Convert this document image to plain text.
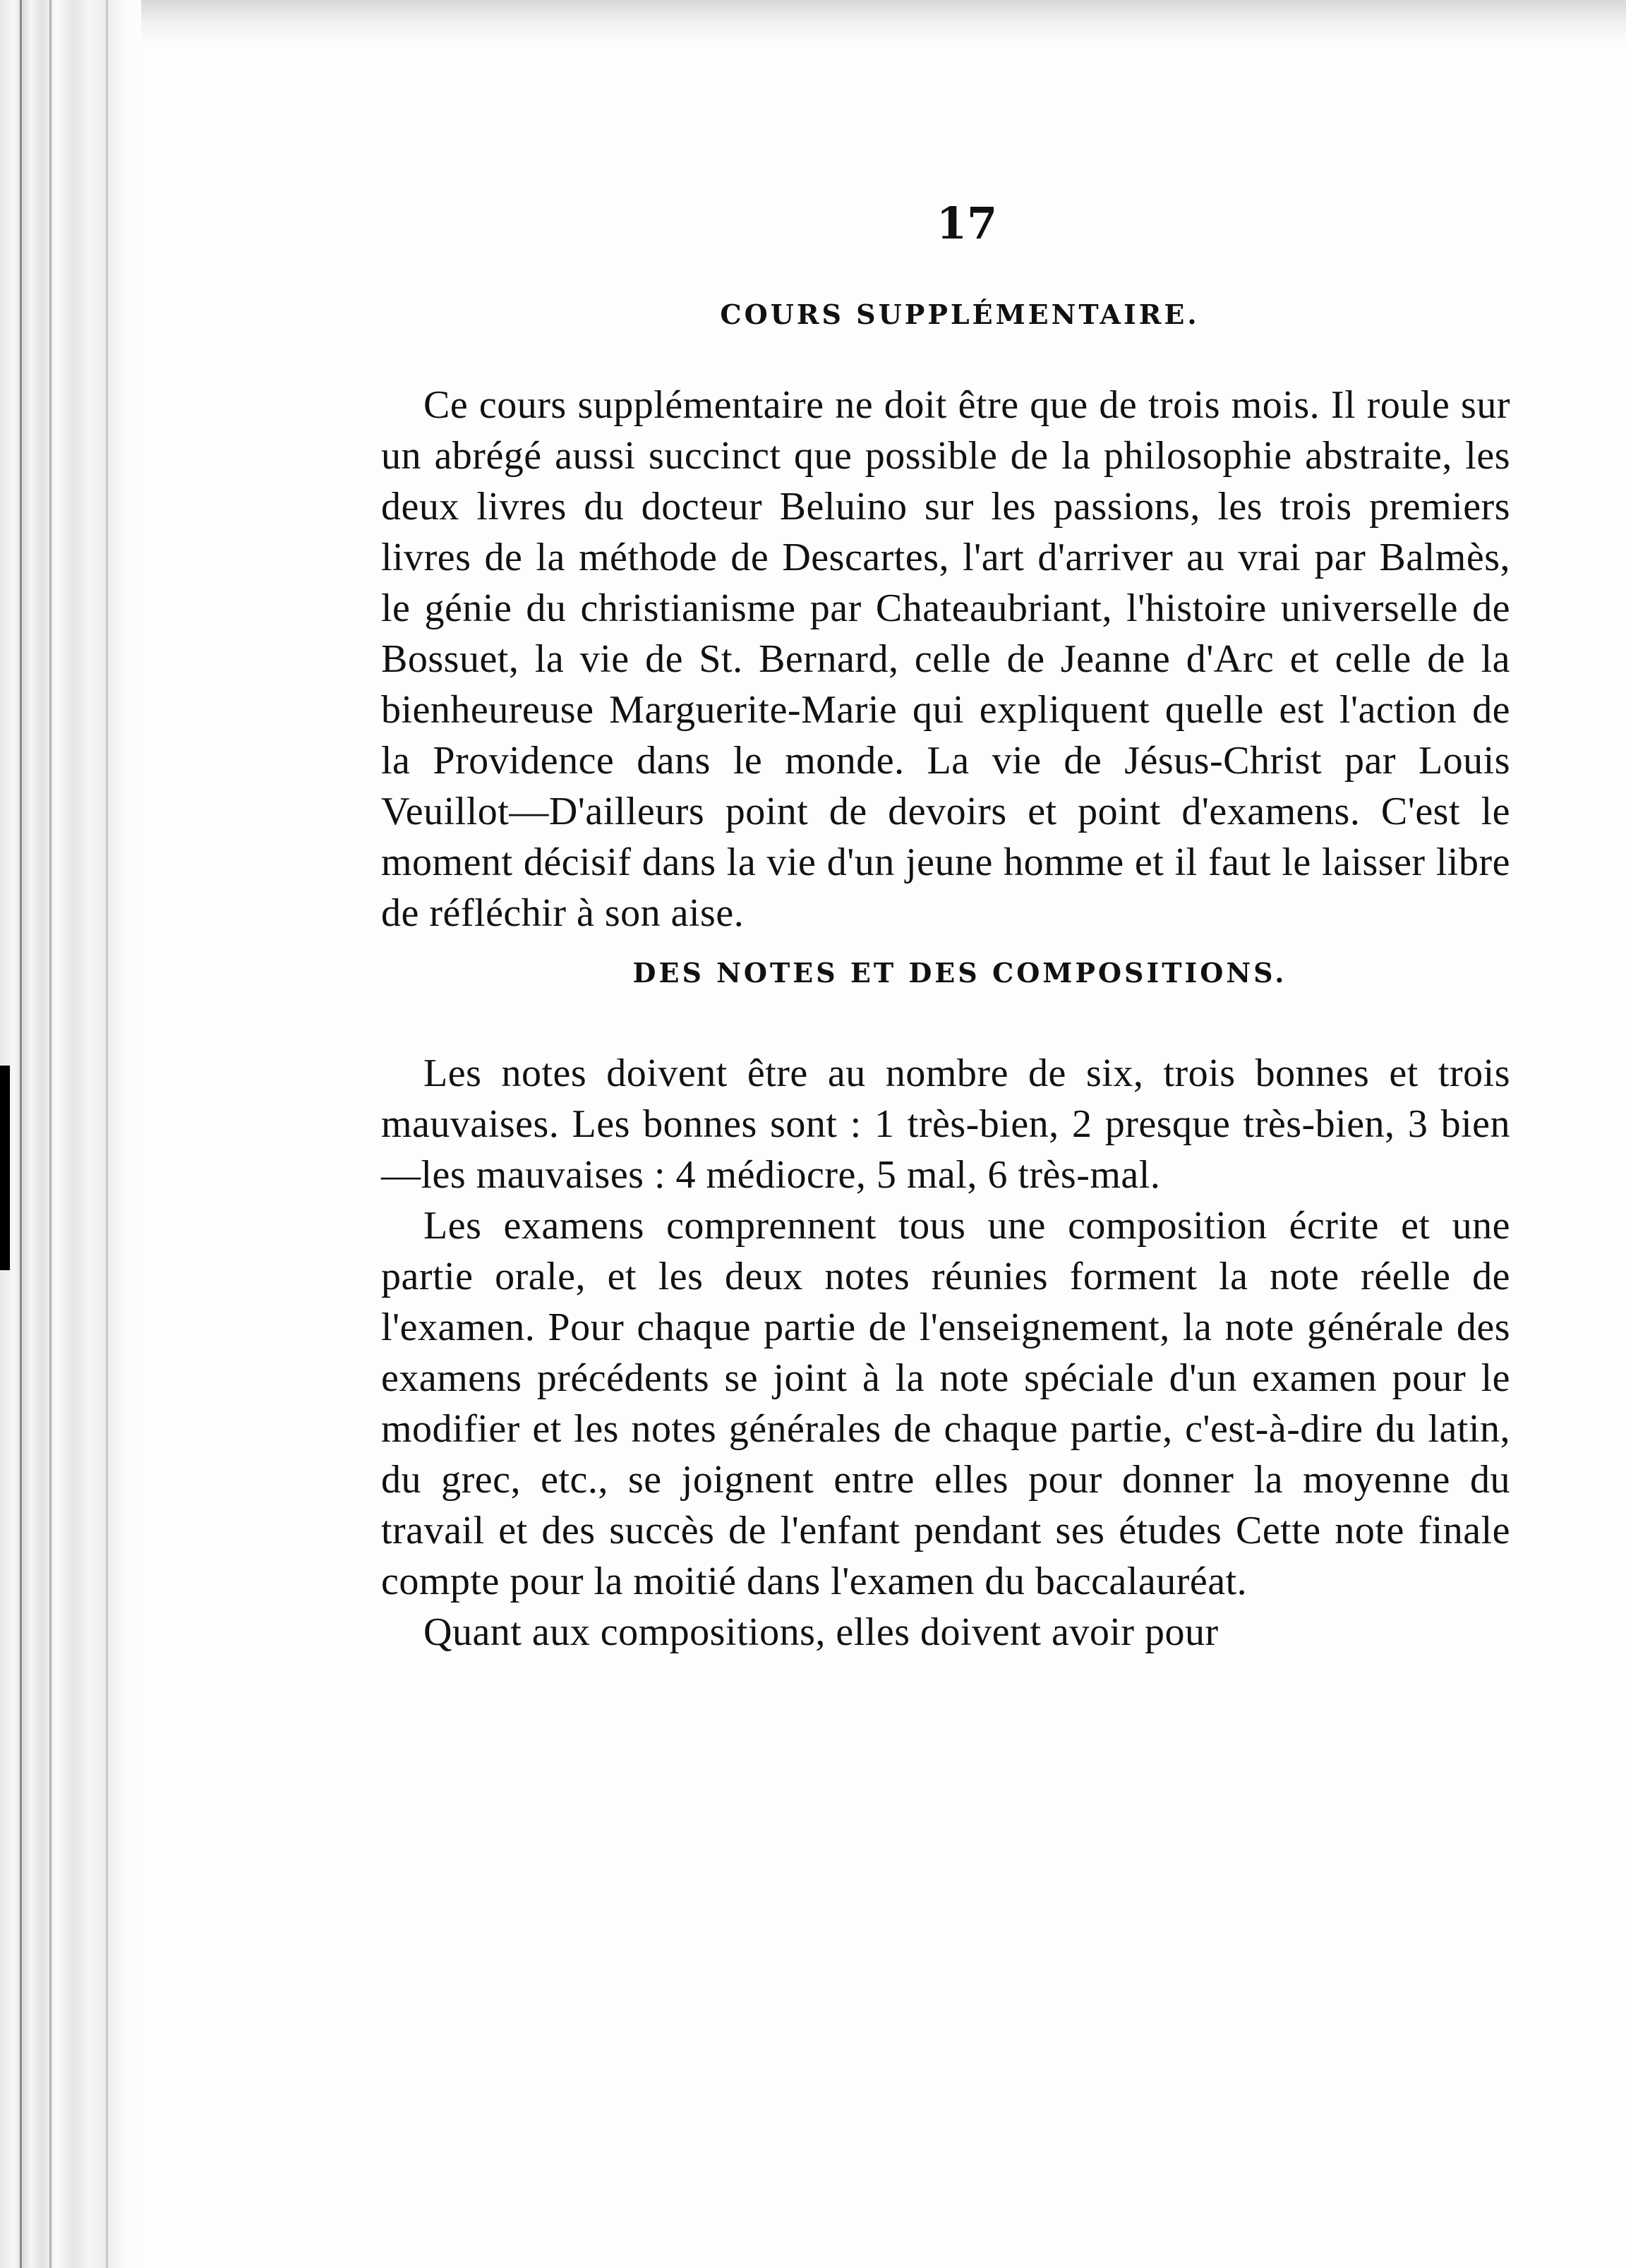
17
COURS SUPPLÉMENTAIRE.

Ce cours supplémentaire ne doit être que de trois mois. Il roule sur un abrégé aussi succinct que possible de la philosophie abstraite, les deux livres du docteur Beluino sur les passions, les trois premiers livres de la méthode de Descartes, l'art d'arriver au vrai par Balmès, le génie du christianisme par Chateaubriant, l'histoire universelle de Bossuet, la vie de St. Bernard, celle de Jeanne d'Arc et celle de la bienheureuse Marguerite-Marie qui expliquent quelle est l'action de la Providence dans le monde. La vie de Jésus-Christ par Louis Veuillot—D'ailleurs point de devoirs et point d'examens. C'est le moment décisif dans la vie d'un jeune homme et il faut le laisser libre de réfléchir à son aise.

DES NOTES ET DES COMPOSITIONS.

Les notes doivent être au nombre de six, trois bonnes et trois mauvaises. Les bonnes sont : 1 très-bien, 2 presque très-bien, 3 bien—les mauvaises : 4 médiocre, 5 mal, 6 très-mal.

Les examens comprennent tous une composition écrite et une partie orale, et les deux notes réunies forment la note réelle de l'examen. Pour chaque partie de l'enseignement, la note générale des examens précédents se joint à la note spéciale d'un examen pour le modifier et les notes générales de chaque partie, c'est-à-dire du latin, du grec, etc., se joignent entre elles pour donner la moyenne du travail et des succès de l'enfant pendant ses études Cette note finale compte pour la moitié dans l'examen du baccalauréat.

Quant aux compositions, elles doivent avoir pour
